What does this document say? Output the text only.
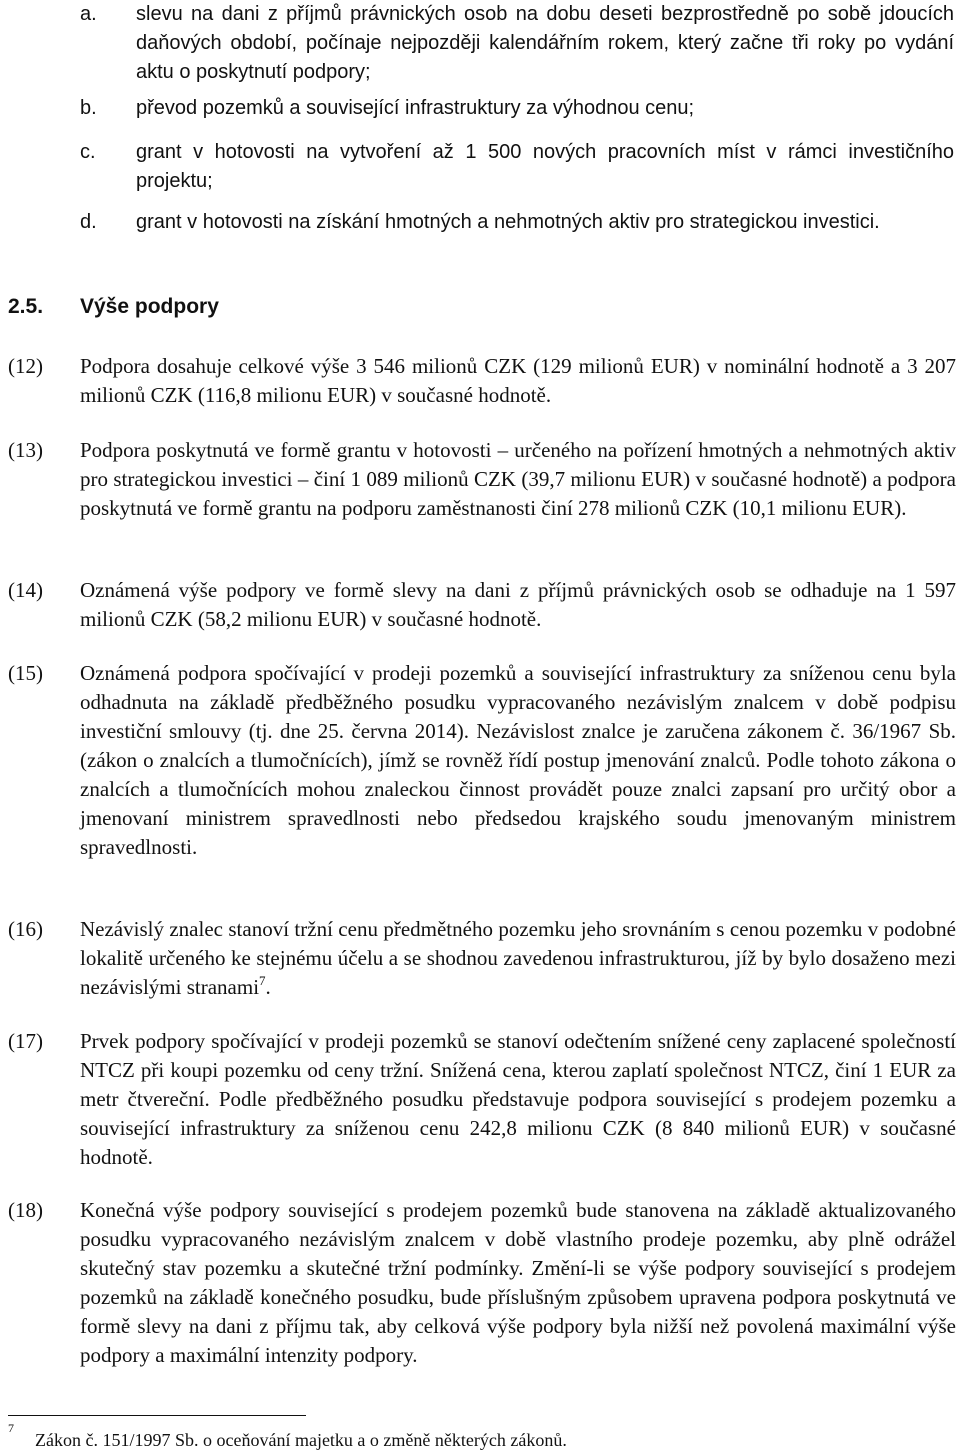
a. slevu na dani z příjmů právnických osob na dobu deseti bezprostředně po sobě jdoucích daňových období, počínaje nejpozději kalendářním rokem, který začne tři roky po vydání aktu o poskytnutí podpory;
b. převod pozemků a související infrastruktury za výhodnou cenu;
c. grant v hotovosti na vytvoření až 1 500 nových pracovních míst v rámci investičního projektu;
d. grant v hotovosti na získání hmotných a nehmotných aktiv pro strategickou investici.
2.5. Výše podpory
(12) Podpora dosahuje celkové výše 3 546 milionů CZK (129 milionů EUR) v nominální hodnotě a 3 207 milionů CZK (116,8 milionu EUR) v současné hodnotě.
(13) Podpora poskytnutá ve formě grantu v hotovosti – určeného na pořízení hmotných a nehmotných aktiv pro strategickou investici – činí 1 089 milionů CZK (39,7 milionu EUR) v současné hodnotě) a podpora poskytnutá ve formě grantu na podporu zaměstnanosti činí 278 milionů CZK (10,1 milionu EUR).
(14) Oznámená výše podpory ve formě slevy na dani z příjmů právnických osob se odhaduje na 1 597 milionů CZK (58,2 milionu EUR) v současné hodnotě.
(15) Oznámená podpora spočívající v prodeji pozemků a související infrastruktury za sníženou cenu byla odhadnuta na základě předběžného posudku vypracovaného nezávislým znalcem v době podpisu investiční smlouvy (tj. dne 25. června 2014). Nezávislost znalce je zaručena zákonem č. 36/1967 Sb. (zákon o znalcích a tlumočnících), jímž se rovněž řídí postup jmenování znalců. Podle tohoto zákona o znalcích a tlumočnících mohou znaleckou činnost provádět pouze znalci zapsaní pro určitý obor a jmenovaní ministrem spravedlnosti nebo předsedou krajského soudu jmenovaným ministrem spravedlnosti.
(16) Nezávislý znalec stanoví tržní cenu předmětného pozemku jeho srovnáním s cenou pozemku v podobné lokalitě určeného ke stejnému účelu a se shodnou zavedenou infrastrukturou, jíž by bylo dosaženo mezi nezávislými stranami$^7$.
(17) Prvek podpory spočívající v prodeji pozemků se stanoví odečtením snížené ceny zaplacené společností NTCZ při koupi pozemku od ceny tržní. Snížená cena, kterou zaplatí společnost NTCZ, činí 1 EUR za metr čtvereční. Podle předběžného posudku představuje podpora související s prodejem pozemku a související infrastruktury za sníženou cenu 242,8 milionu CZK (8 840 milionů EUR) v současné hodnotě.
(18) Konečná výše podpory související s prodejem pozemků bude stanovena na základě aktualizovaného posudku vypracovaného nezávislým znalcem v době vlastního prodeje pozemku, aby plně odrážel skutečný stav pozemku a skutečné tržní podmínky. Změní-li se výše podpory související s prodejem pozemků na základě konečného posudku, bude příslušným způsobem upravena podpora poskytnutá ve formě slevy na dani z příjmu tak, aby celková výše podpory byla nižší než povolená maximální výše podpory a maximální intenzity podpory.
7
Zákon č. 151/1997 Sb. o oceňování majetku a o změně některých zákonů.
